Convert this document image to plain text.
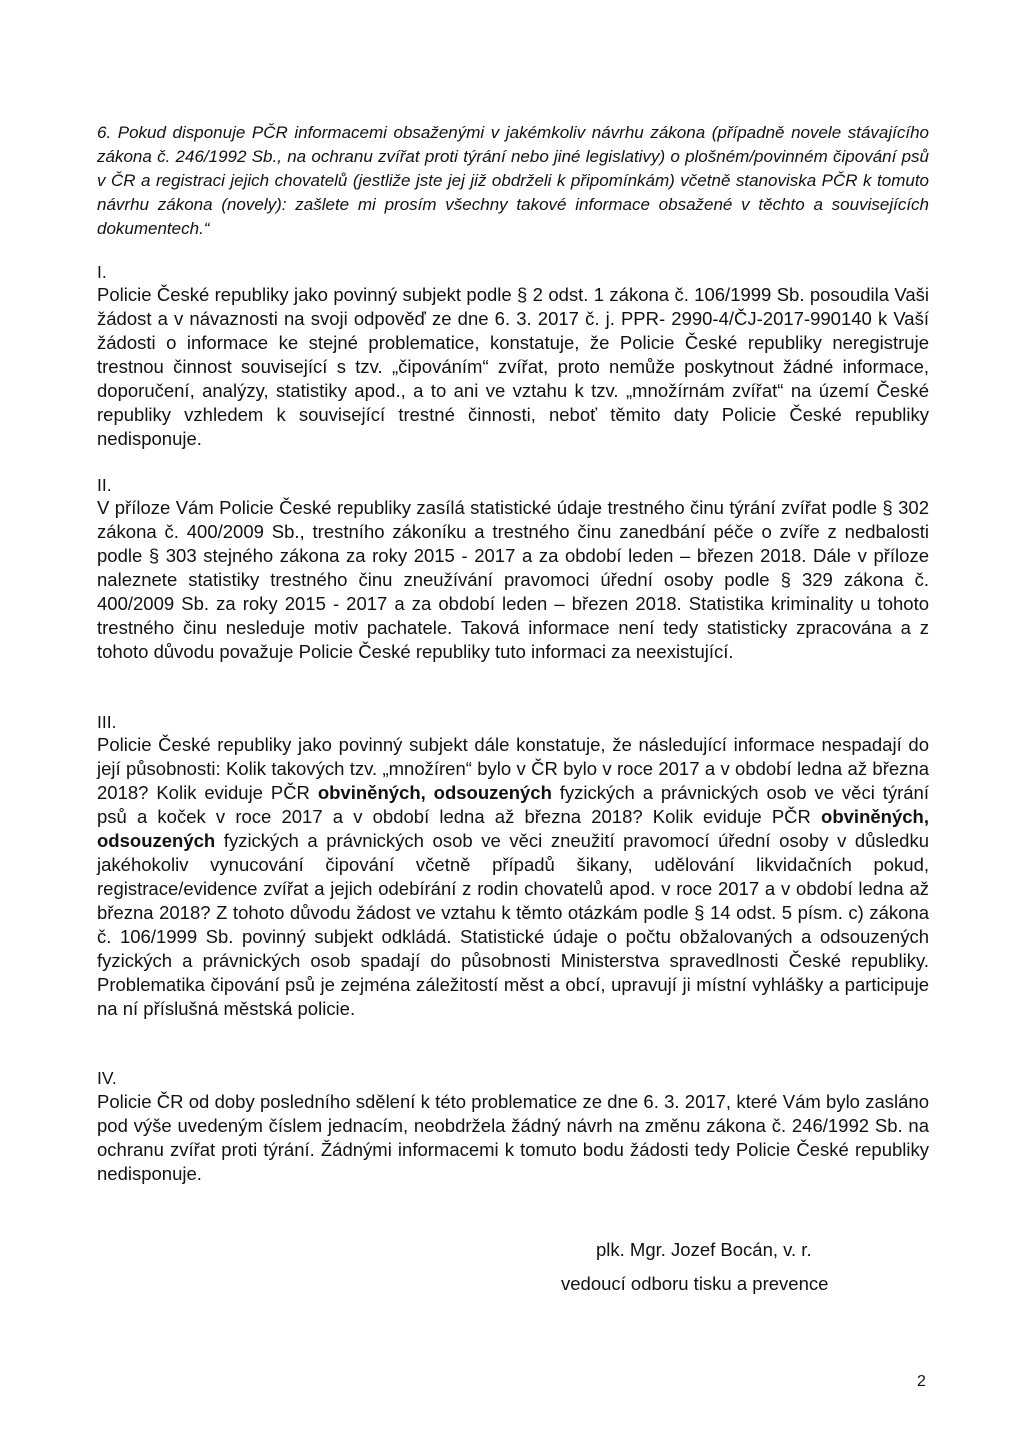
6. Pokud disponuje PČR informacemi obsaženými v jakémkoliv návrhu zákona (případně novele stávajícího zákona č. 246/1992 Sb., na ochranu zvířat proti týrání nebo jiné legislativy) o plošném/povinném čipování psů v ČR a registraci jejich chovatelů (jestliže jste jej již obdrželi k připomínkám) včetně stanoviska PČR k tomuto návrhu zákona (novely): zašlete mi prosím všechny takové informace obsažené v těchto a souvisejících dokumentech.“
I.

Policie České republiky jako povinný subjekt podle § 2 odst. 1 zákona č. 106/1999 Sb. posoudila Vaši žádost a v návaznosti na svoji odpověď ze dne 6. 3. 2017 č. j. PPR- 2990-4/ČJ-2017-990140 k Vaší žádosti o informace ke stejné problematice, konstatuje, že Policie České republiky neregistruje trestnou činnost související s tzv. „čipováním“ zvířat, proto nemůže poskytnout žádné informace, doporučení, analýzy, statistiky apod., a to ani ve vztahu k tzv. „množírnám zvířat“ na území České republiky vzhledem k související trestné činnosti, neboť těmito daty Policie České republiky nedisponuje.

II.

V příloze Vám Policie České republiky zasílá statistické údaje trestného činu týrání zvířat podle § 302 zákona č. 400/2009 Sb., trestního zákoníku a trestného činu zanedbání péče o zvíře z nedbalosti podle § 303 stejného zákona za roky 2015 - 2017 a za období leden – březen 2018. Dále v příloze naleznete statistiky trestného činu zneužívání pravomoci úřední osoby podle § 329 zákona č. 400/2009 Sb. za roky 2015 - 2017 a za období leden – březen 2018. Statistika kriminality u tohoto trestného činu nesleduje motiv pachatele. Taková informace není tedy statisticky zpracována a z tohoto důvodu považuje Policie České republiky tuto informaci za neexistující.

III.

Policie České republiky jako povinný subjekt dále konstatuje, že následující informace nespadají do její působnosti: Kolik takových tzv. „množíren“ bylo v ČR bylo v roce 2017 a v období ledna až března 2018? Kolik eviduje PČR obviněných, odsouzených fyzických a právnických osob ve věci týrání psů a koček v roce 2017 a v období ledna až března 2018? Kolik eviduje PČR obviněných, odsouzených fyzických a právnických osob ve věci zneužití pravomocí úřední osoby v důsledku jakéhokoliv vynucování čipování včetně případů šikany, udělování likvidačních pokud, registrace/evidence zvířat a jejich odebírání z rodin chovatelů apod. v roce 2017 a v období ledna až března 2018? Z tohoto důvodu žádost ve vztahu k těmto otázkám podle § 14 odst. 5 písm. c) zákona č. 106/1999 Sb. povinný subjekt odkládá. Statistické údaje o počtu obžalovaných a odsouzených fyzických a právnických osob spadají do působnosti Ministerstva spravedlnosti České republiky. Problematika čipování psů je zejména záležitostí měst a obcí, upravují ji místní vyhlášky a participuje na ní příslušná městská policie.

IV.

Policie ČR od doby posledního sdělení k této problematice ze dne 6. 3. 2017, které Vám bylo zasláno pod výše uvedeným číslem jednacím, neobdržela žádný návrh na změnu zákona č. 246/1992 Sb. na ochranu zvířat proti týrání. Žádnými informacemi k tomuto bodu žádosti tedy Policie České republiky nedisponuje.

plk. Mgr. Jozef Bocán, v. r.
vedoucí odboru tisku a prevence
2
